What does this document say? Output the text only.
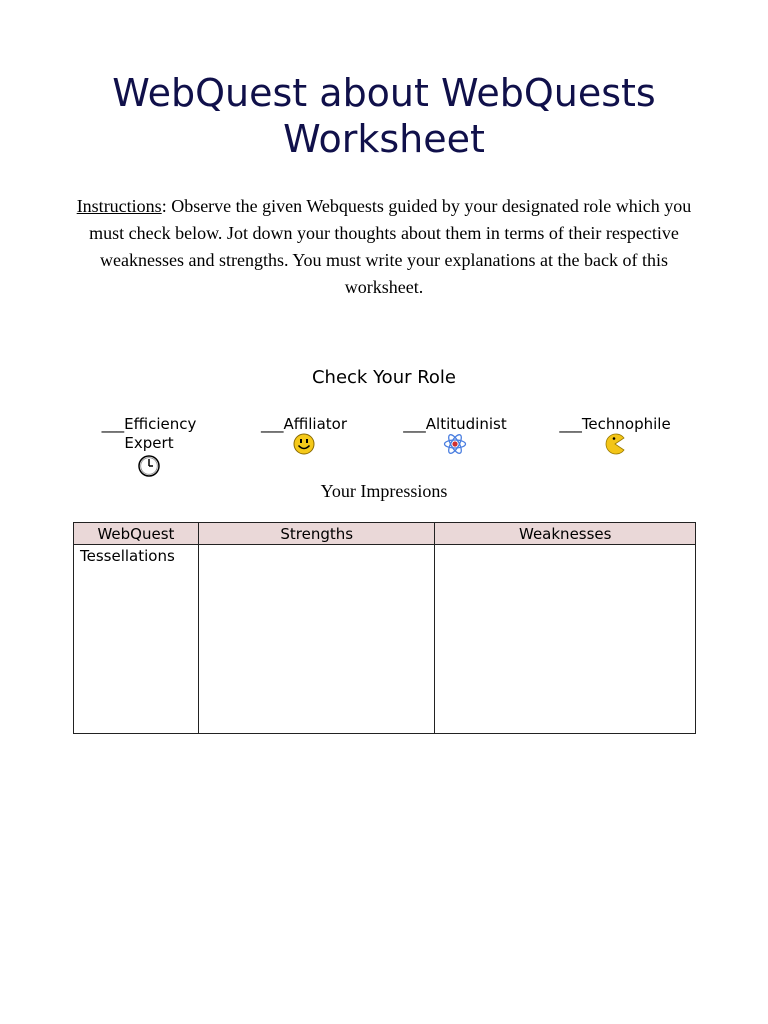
WebQuest about WebQuests
Worksheet
Instructions: Observe the given Webquests guided by your designated role which you must check below. Jot down your thoughts about them in terms of their respective weaknesses and strengths. You must write your explanations at the back of this worksheet.
Check Your Role
___Efficiency
Expert
___Affiliator	___Altitudinist	___Technophile
Your Impressions
WebQuest	Strengths	Weaknesses
Tessellations		
